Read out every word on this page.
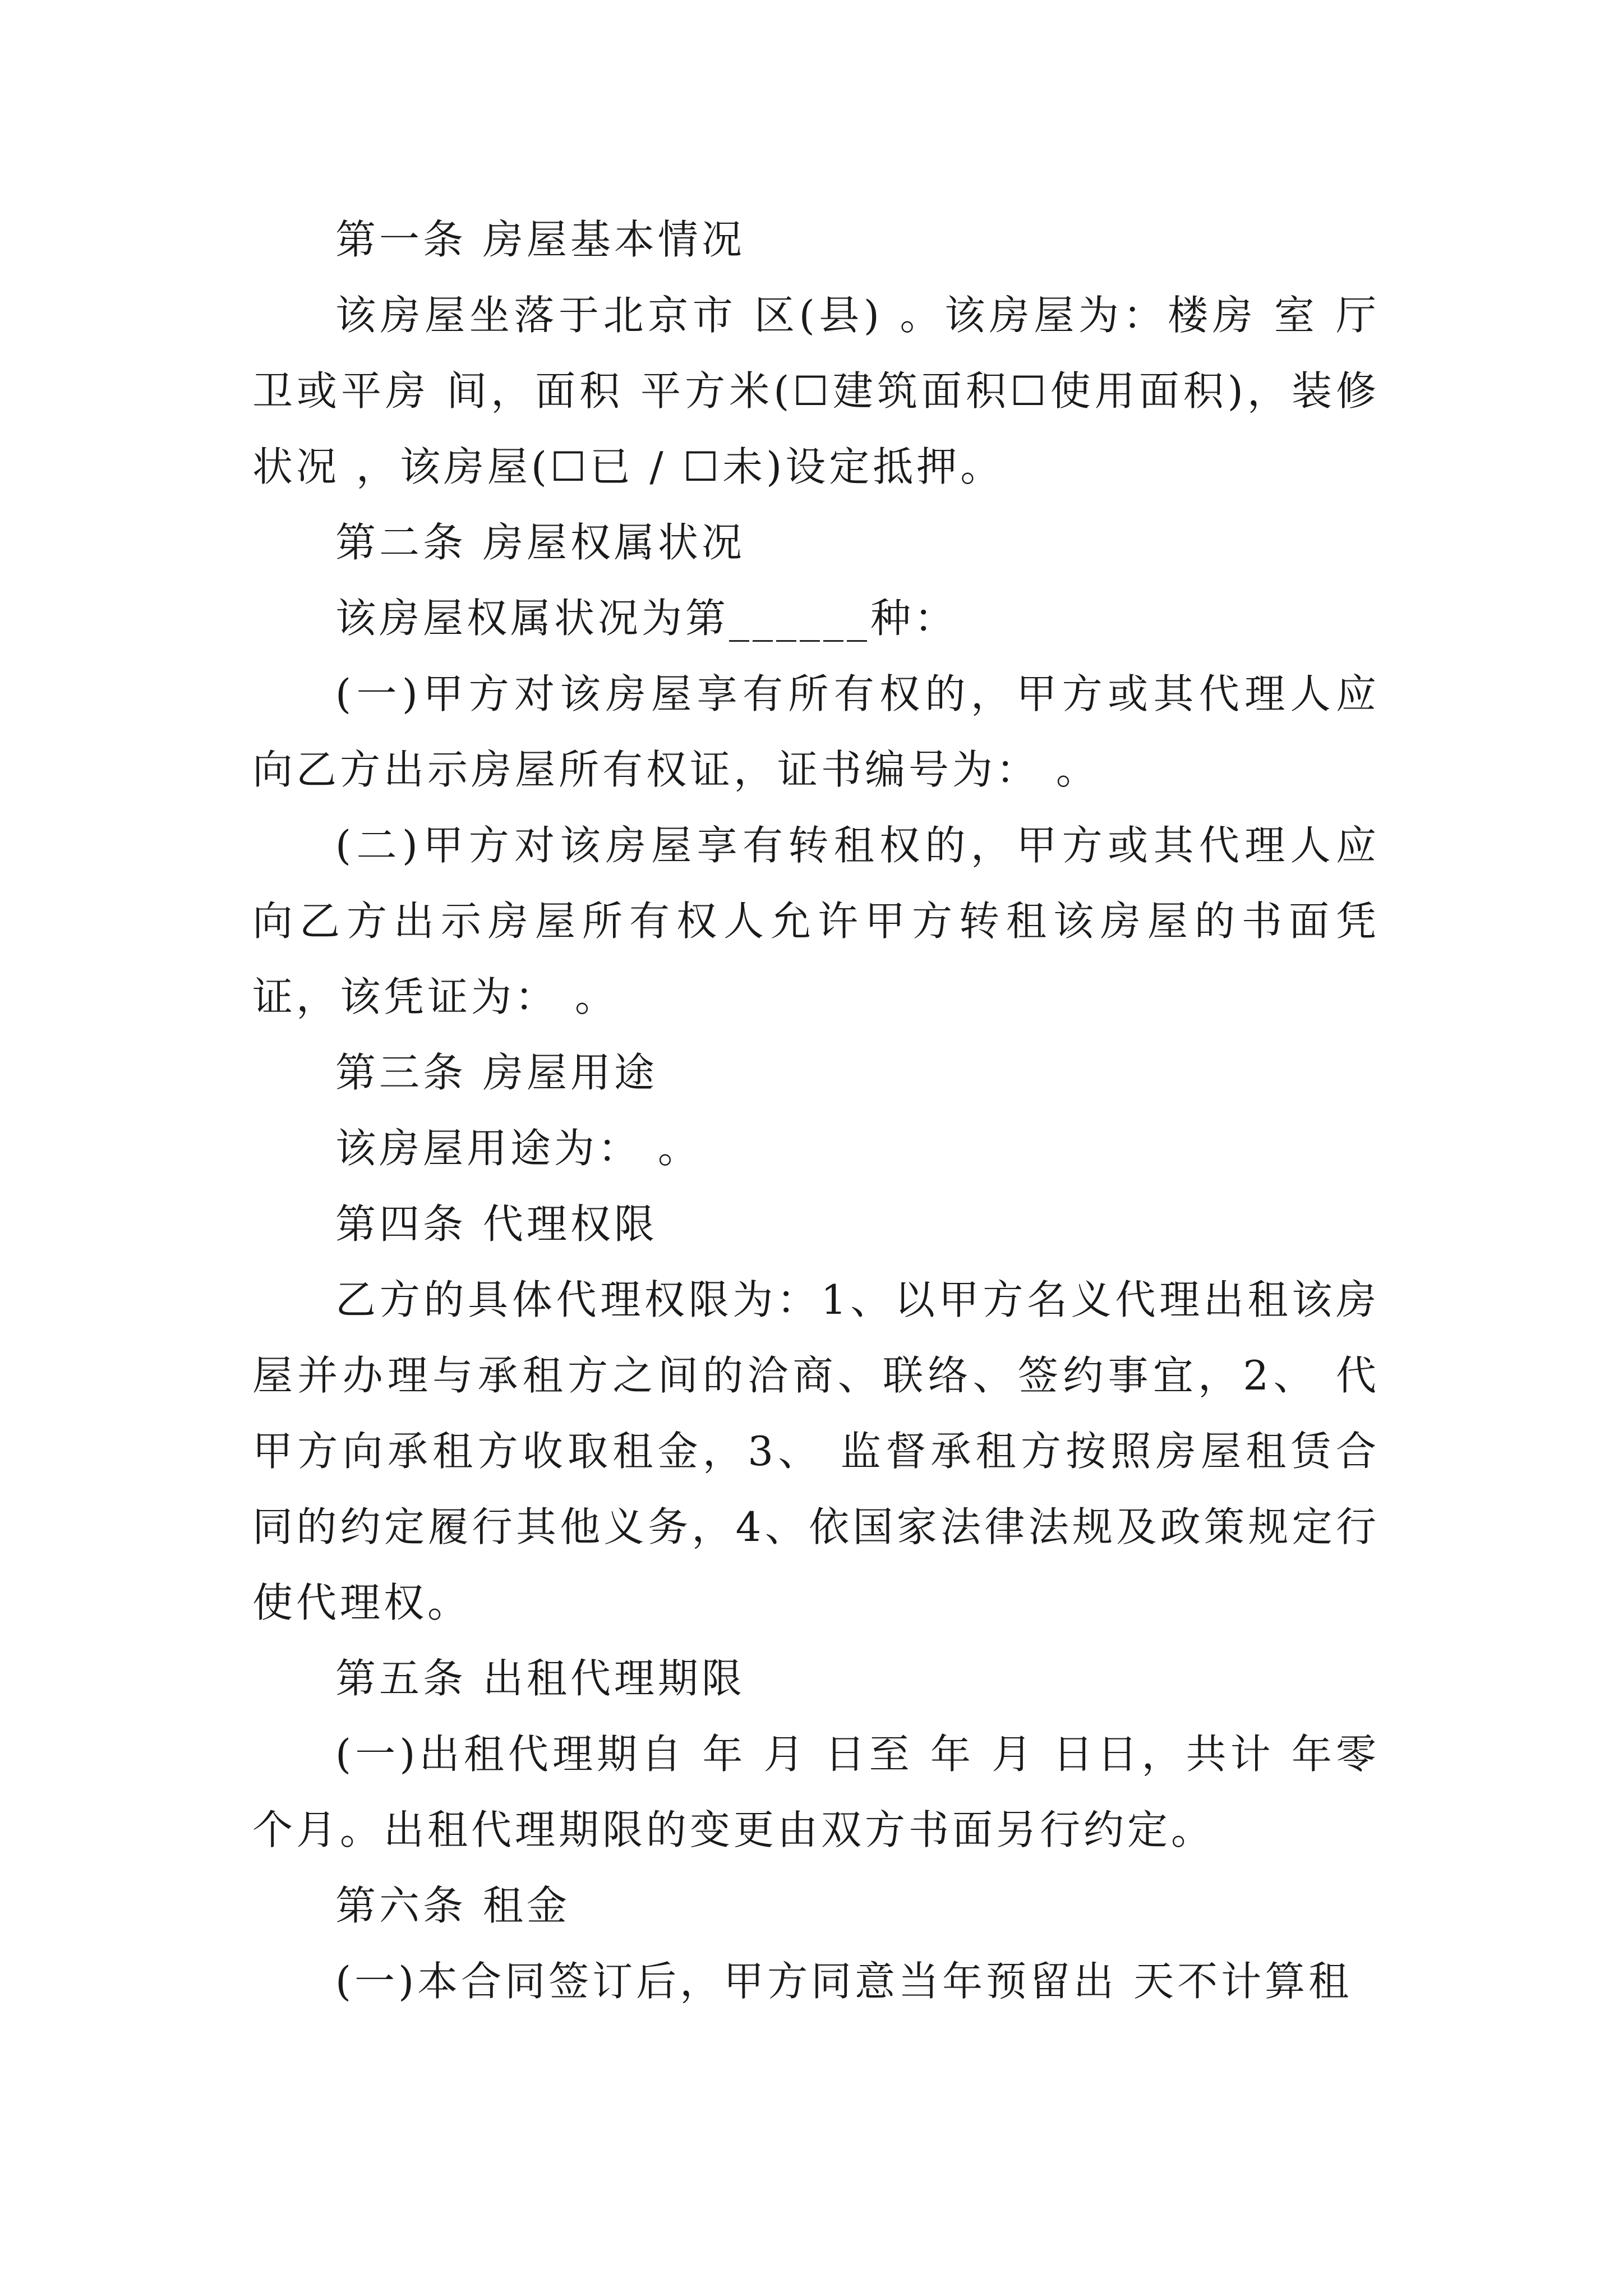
第一条 房屋基本情况

该房屋坐落于北京市 区(县) 。该房屋为：楼房 室 厅 卫或平房 间，面积 平方米(☐建筑面积☐使用面积)，装修状况 ，该房屋(☐已 / ☐未)设定抵押。

第二条 房屋权属状况

该房屋权属状况为第______种：

(一)甲方对该房屋享有所有权的，甲方或其代理人应向乙方出示房屋所有权证，证书编号为： 。

(二)甲方对该房屋享有转租权的，甲方或其代理人应向乙方出示房屋所有权人允许甲方转租该房屋的书面凭证，该凭证为： 。

第三条 房屋用途

该房屋用途为： 。

第四条 代理权限

乙方的具体代理权限为：1、以甲方名义代理出租该房屋并办理与承租方之间的洽商、联络、签约事宜，2、 代甲方向承租方收取租金，3、 监督承租方按照房屋租赁合同的约定履行其他义务，4、依国家法律法规及政策规定行使代理权。

第五条 出租代理期限

(一)出租代理期自 年 月 日至 年 月 日日，共计 年零 个月。出租代理期限的变更由双方书面另行约定。

第六条 租金

(一)本合同签订后，甲方同意当年预留出 天不计算租
